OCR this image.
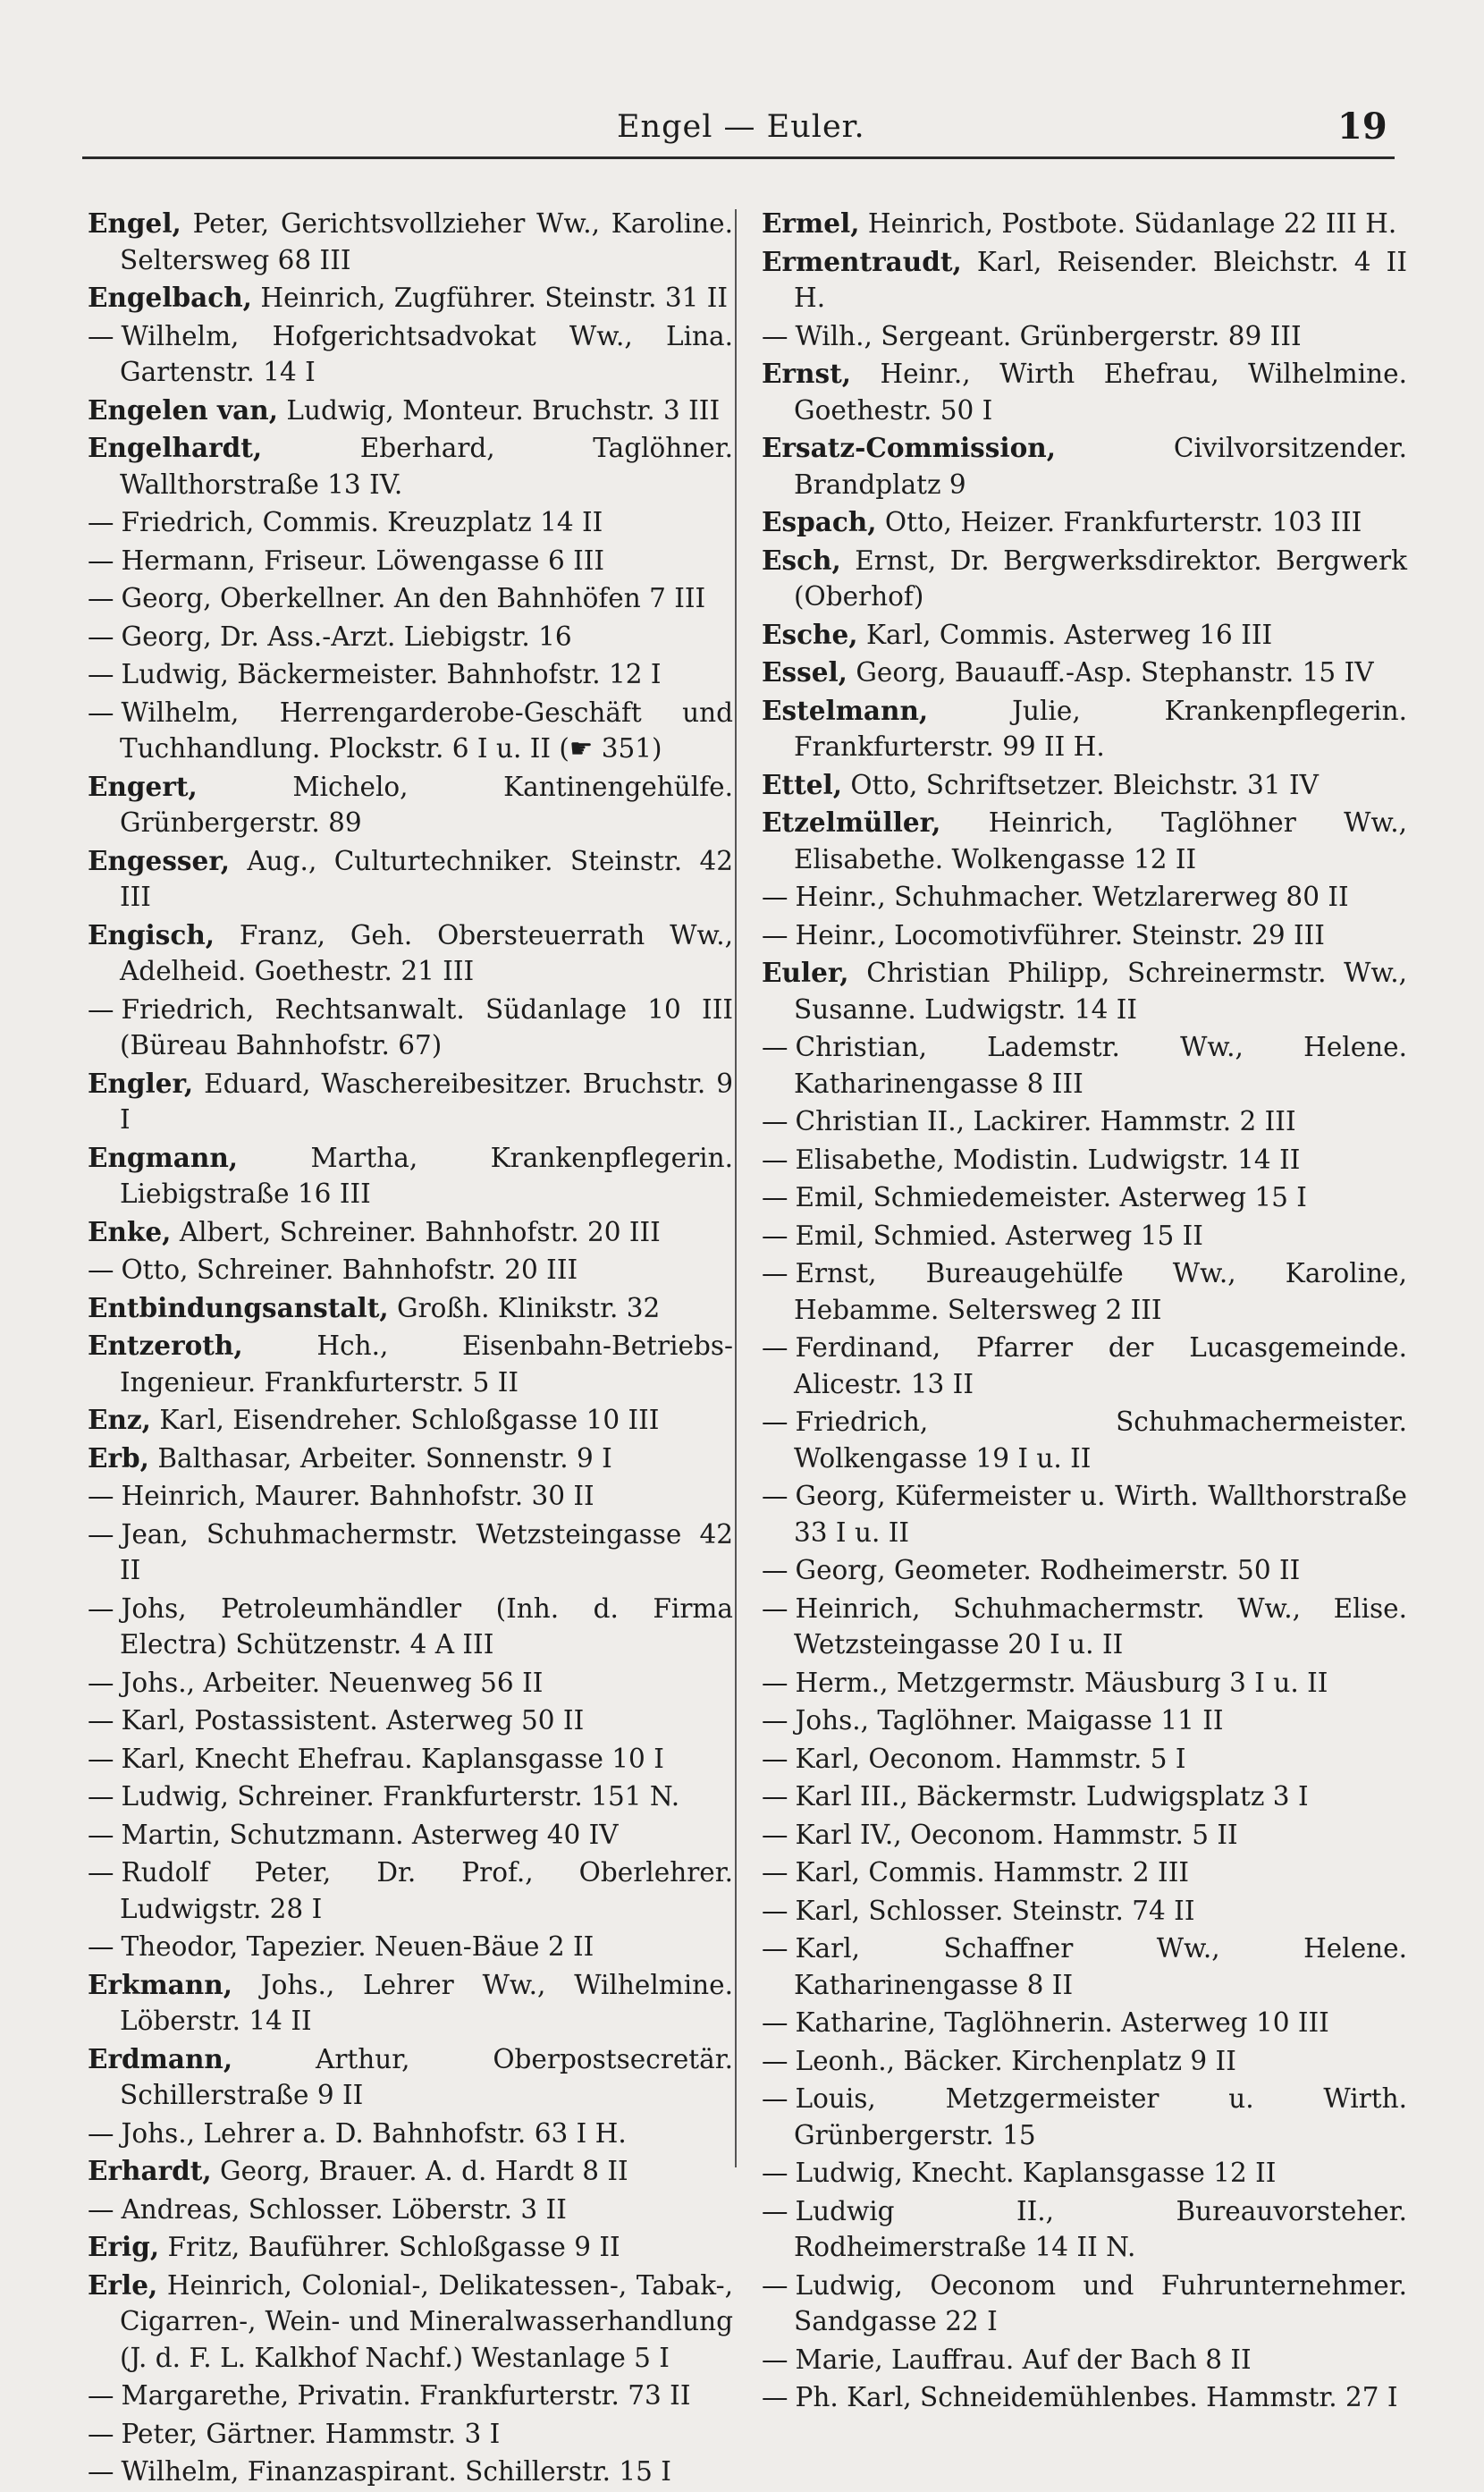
Engel — Euler.	19
Engel, Peter, Gerichtsvollzieher Ww., Karoline. Seltersweg 68 III
Engelbach, Heinrich, Zugführer. Steinstr. 31 II
— Wilhelm, Hofgerichtsadvokat Ww., Lina. Gartenstr. 14 I
Engelen van, Ludwig, Monteur. Bruchstr. 3 III
Engelhardt,	Eberhard, Taglöhner. Wallthorstraße 13 IV.
— Friedrich, Commis. Kreuzplatz 14 II
— Hermann, Friseur. Löwengasse 6 III
— Georg, Oberkellner. An den Bahnhöfen 7 III
— Georg, Dr. Ass.-Arzt. Liebigstr. 16
— Ludwig, Bäckermeister. Bahnhofstr. 12 I
— Wilhelm, Herrengarderobe-Geschäft und Tuchhandlung. Plockstr. 6 I u. II (☛ 351)
Engert,	Michelo, Kantinengehülfe. Grünbergerstr. 89
Engesser, Aug., Culturtechniker. Steinstr. 42 III
Engisch, Franz, Geh. Obersteuerrath Ww., Adelheid. Goethestr. 21 III
— Friedrich, Rechtsanwalt. Südanlage 10 III (Büreau Bahnhofstr. 67)
Engler, Eduard, Waschereibesitzer. Bruchstr. 9 I
Engmann,	Martha, Krankenpflegerin. Liebigstraße 16 III
Enke, Albert, Schreiner. Bahnhofstr. 20 III
— Otto, Schreiner. Bahnhofstr. 20 III
Entbindungsanstalt, Großh. Klinikstr. 32
Entzeroth,	Hch., Eisenbahn-Betriebs-Ingenieur. Frankfurterstr. 5 II
Enz, Karl, Eisendreher. Schloßgasse 10 III
Erb, Balthasar, Arbeiter. Sonnenstr. 9 I
— Heinrich, Maurer. Bahnhofstr. 30 II
— Jean, Schuhmachermstr. Wetzsteingasse 42 II
— Johs, Petroleumhändler (Inh. d. Firma Electra) Schützenstr. 4 A III
— Johs., Arbeiter. Neuenweg 56 II
— Karl, Postassistent. Asterweg 50 II
— Karl, Knecht Ehefrau. Kaplansgasse 10 I
— Ludwig, Schreiner. Frankfurterstr. 151 N.
— Martin, Schutzmann. Asterweg 40 IV
— Rudolf Peter, Dr. Prof., Oberlehrer. Ludwigstr. 28 I
— Theodor, Tapezier. Neuen-Bäue 2 II
Erkmann, Johs., Lehrer Ww., Wilhelmine. Löberstr. 14 II
Erdmann,	Arthur, Oberpostsecretär. Schillerstraße 9 II
— Johs., Lehrer a. D. Bahnhofstr. 63 I H.
Erhardt, Georg, Brauer. A. d. Hardt 8 II
— Andreas, Schlosser. Löberstr. 3 II
Erig, Fritz, Bauführer. Schloßgasse 9 II
Erle, Heinrich, Colonial-, Delikatessen-, Tabak-, Cigarren-, Wein- und Mineralwasserhandlung (J. d. F. L. Kalkhof Nachf.) Westanlage 5 I
— Margarethe, Privatin. Frankfurterstr. 73 II
— Peter, Gärtner. Hammstr. 3 I
— Wilhelm, Finanzaspirant. Schillerstr. 15 I
Ermel, Heinrich, Postbote. Südanlage 22 III H.
Ermentraudt, Karl, Reisender. Bleichstr. 4 II H.
— Wilh., Sergeant. Grünbergerstr. 89 III
Ernst, Heinr., Wirth Ehefrau, Wilhelmine. Goethestr. 50 I
Ersatz-Commission,	Civilvorsitzender. Brandplatz 9
Espach, Otto, Heizer. Frankfurterstr. 103 III
Esch, Ernst, Dr. Bergwerksdirektor. Bergwerk (Oberhof)
Esche, Karl, Commis. Asterweg 16 III
Essel, Georg, Bauauff.-Asp. Stephanstr. 15 IV
Estelmann,	Julie, Krankenpflegerin. Frankfurterstr. 99 II H.
Ettel, Otto, Schriftsetzer. Bleichstr. 31 IV
Etzelmüller, Heinrich, Taglöhner Ww., Elisabethe. Wolkengasse 12 II
— Heinr., Schuhmacher. Wetzlarerweg 80 II
— Heinr., Locomotivführer. Steinstr. 29 III
Euler, Christian Philipp, Schreinermstr. Ww., Susanne. Ludwigstr. 14 II
— Christian, Lademstr. Ww., Helene. Katharinengasse 8 III
— Christian II., Lackirer. Hammstr. 2 III
— Elisabethe, Modistin. Ludwigstr. 14 II
— Emil, Schmiedemeister. Asterweg 15 I
— Emil, Schmied. Asterweg 15 II
— Ernst, Bureaugehülfe Ww., Karoline, Hebamme. Seltersweg 2 III
— Ferdinand, Pfarrer der Lucasgemeinde. Alicestr. 13 II
— Friedrich, Schuhmachermeister. Wolkengasse 19 I u. II
— Georg, Küfermeister u. Wirth. Wallthorstraße 33 I u. II
— Georg, Geometer. Rodheimerstr. 50 II
— Heinrich, Schuhmachermstr. Ww., Elise. Wetzsteingasse 20 I u. II
— Herm., Metzgermstr. Mäusburg 3 I u. II
— Johs., Taglöhner. Maigasse 11 II
— Karl, Oeconom. Hammstr. 5 I
— Karl III., Bäckermstr. Ludwigsplatz 3 I
— Karl IV., Oeconom. Hammstr. 5 II
— Karl, Commis. Hammstr. 2 III
— Karl, Schlosser. Steinstr. 74 II
— Karl, Schaffner Ww., Helene. Katharinengasse 8 II
— Katharine, Taglöhnerin. Asterweg 10 III
— Leonh., Bäcker. Kirchenplatz 9 II
— Louis, Metzgermeister u. Wirth. Grünbergerstr. 15
— Ludwig, Knecht. Kaplansgasse 12 II
— Ludwig II., Bureauvorsteher. Rodheimerstraße 14 II N.
— Ludwig, Oeconom und Fuhrunternehmer. Sandgasse 22 I
— Marie, Lauffrau. Auf der Bach 8 II
— Ph. Karl, Schneidemühlenbes. Hammstr. 27 I
